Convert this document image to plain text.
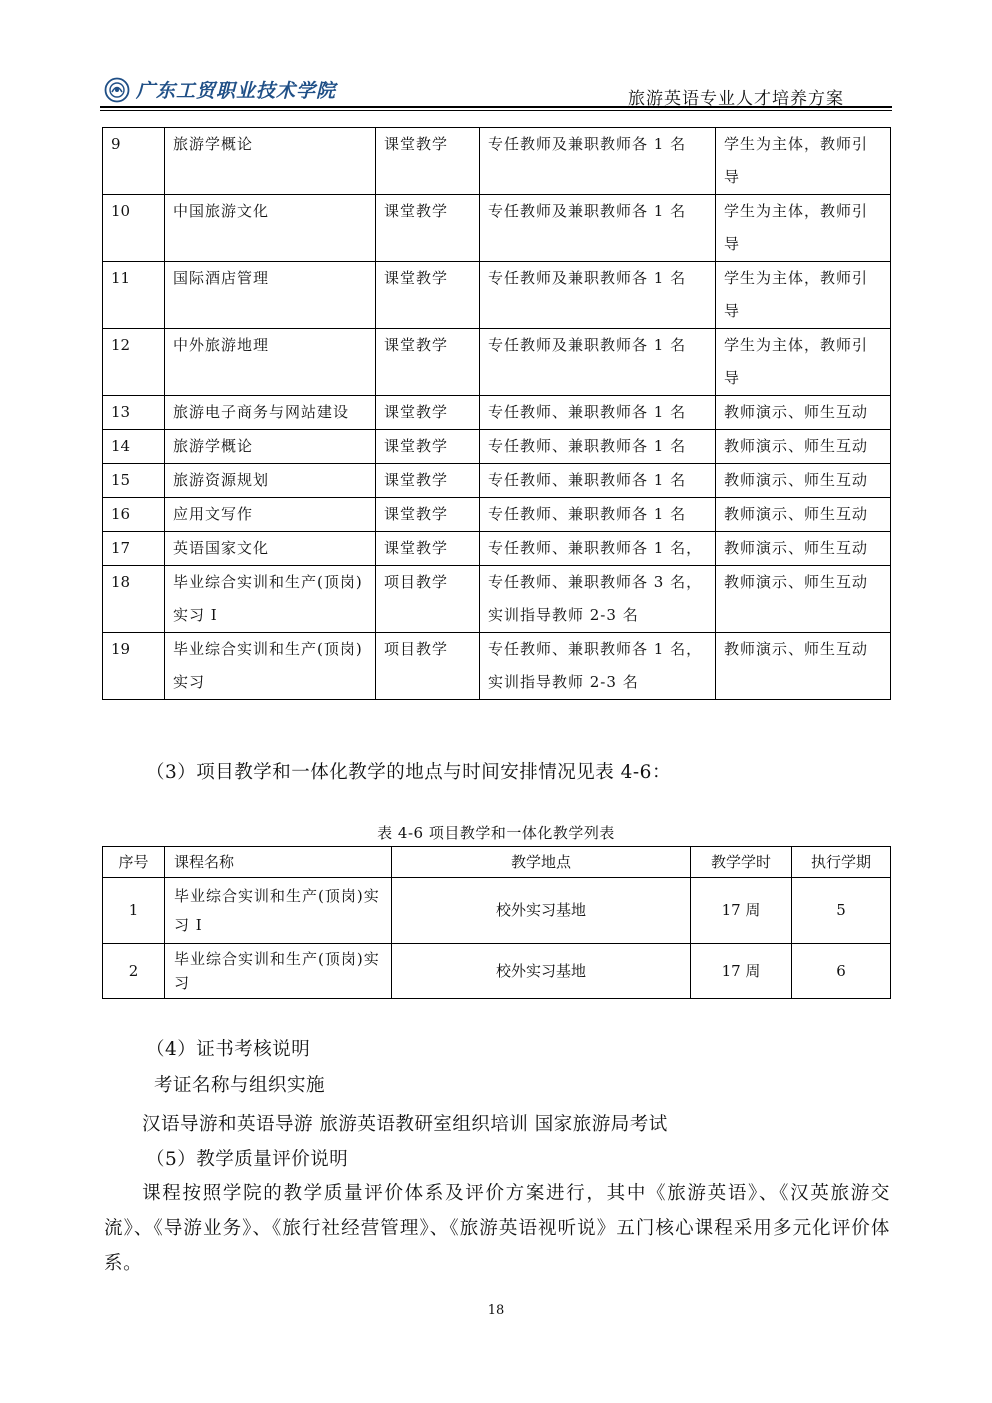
广东工贸职业技术学院	旅游英语专业人才培养方案
9	旅游学概论	课堂教学	专任教师及兼职教师各 1 名	学生为主体，教师引导
10	中国旅游文化	课堂教学	专任教师及兼职教师各 1 名	学生为主体，教师引导
11	国际酒店管理	课堂教学	专任教师及兼职教师各 1 名	学生为主体，教师引导
12	中外旅游地理	课堂教学	专任教师及兼职教师各 1 名	学生为主体，教师引导
13	旅游电子商务与网站建设	课堂教学	专任教师、兼职教师各 1 名	教师演示、师生互动
14	旅游学概论	课堂教学	专任教师、兼职教师各 1 名	教师演示、师生互动
15	旅游资源规划	课堂教学	专任教师、兼职教师各 1 名	教师演示、师生互动
16	应用文写作	课堂教学	专任教师、兼职教师各 1 名	教师演示、师生互动
17	英语国家文化	课堂教学	专任教师、兼职教师各 1 名，	教师演示、师生互动
18	毕业综合实训和生产(顶岗)实习 I	项目教学	专任教师、兼职教师各 3 名，实训指导教师 2-3 名	教师演示、师生互动
19	毕业综合实训和生产(顶岗)实习	项目教学	专任教师、兼职教师各 1 名，实训指导教师 2-3 名	教师演示、师生互动
（3）项目教学和一体化教学的地点与时间安排情况见表 4-6：
表 4-6 项目教学和一体化教学列表
序号	课程名称	教学地点	教学学时	执行学期
1	毕业综合实训和生产(顶岗)实习 I	校外实习基地	17 周	5
2	毕业综合实训和生产(顶岗)实习	校外实习基地	17 周	6
（4）证书考核说明
考证名称与组织实施
汉语导游和英语导游 旅游英语教研室组织培训 国家旅游局考试
（5）教学质量评价说明
课程按照学院的教学质量评价体系及评价方案进行，其中《旅游英语》、《汉英旅游交流》、《导游业务》、《旅行社经营管理》、《旅游英语视听说》五门核心课程采用多元化评价体系。
18
